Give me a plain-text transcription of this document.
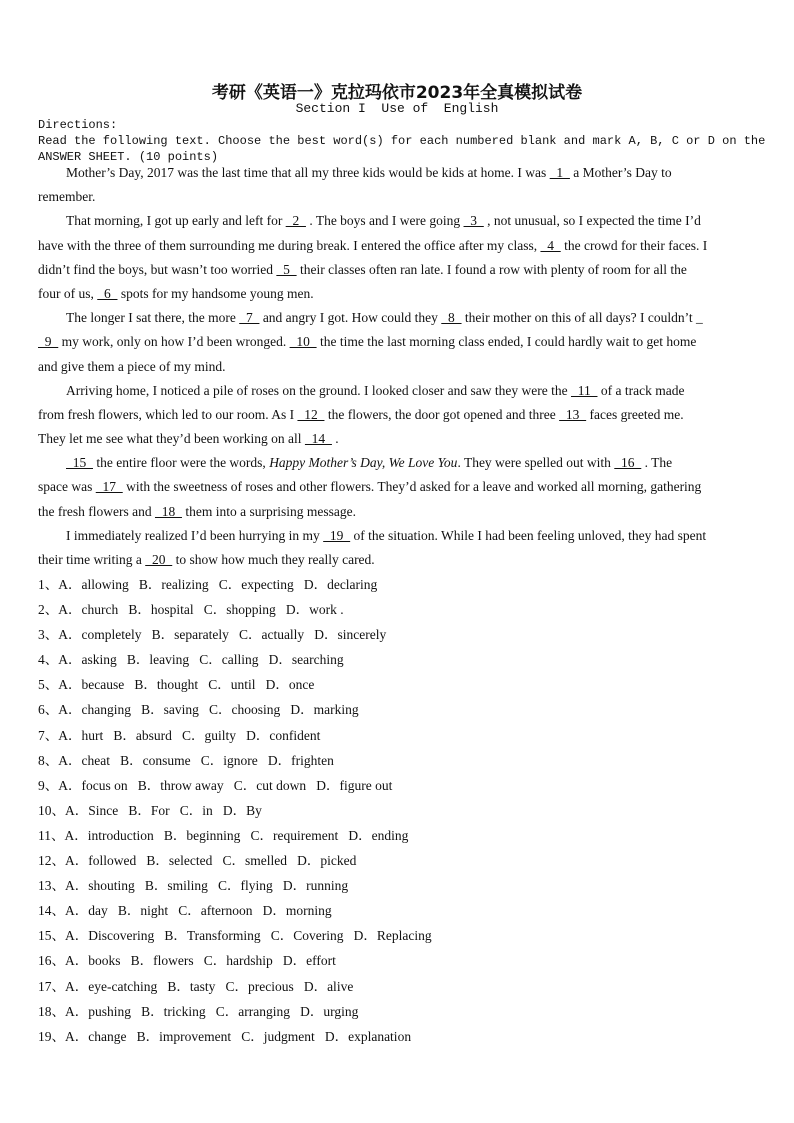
考研《英语一》克拉玛依市2023年全真模拟试卷
Section I  Use of  English
Directions:
Read the following text. Choose the best word(s) for each numbered blank and mark A, B, C or D on the
ANSWER SHEET. (10 points)
Mother’s Day, 2017 was the last time that all my three kids would be kids at home. I was   1   a Mother’s Day to
remember.
That morning, I got up early and left for   2   . The boys and I were going   3   , not unusual, so I expected the time I’d
have with the three of them surrounding me during break. I entered the office after my class,   4   the crowd for their faces. I
didn’t find the boys, but wasn’t too worried   5   their classes often ran late. I found a row with plenty of room for all the
four of us,   6   spots for my handsome young men.
The longer I sat there, the more   7   and angry I got. How could they   8   their mother on this of all days? I couldn’t _
9   my work, only on how I’d been wronged.   10   the time the last morning class ended, I could hardly wait to get home
and give them a piece of my mind.
Arriving home, I noticed a pile of roses on the ground. I looked closer and saw they were the   11   of a track made
from fresh flowers, which led to our room. As I   12   the flowers, the door got opened and three   13   faces greeted me.
They let me see what they’d been working on all   14   .
15   the entire floor were the words, Happy Mother’s Day, We Love You. They were spelled out with   16   . The
space was   17   with the sweetness of roses and other flowers. They’d asked for a leave and worked all morning, gathering
the fresh flowers and   18   them into a surprising message.
I immediately realized I’d been hurrying in my   19   of the situation. While I had been feeling unloved, they had spent
their time writing a   20   to show how much they really cared.
1、A．allowing   B．realizing   C．expecting   D．declaring
2、A．church   B．hospital   C．shopping   D．work .
3、A．completely   B．separately   C．actually   D．sincerely
4、A．asking   B．leaving   C．calling   D．searching
5、A．because   B．thought   C．until   D．once
6、A．changing   B．saving   C．choosing   D．marking
7、A．hurt   B．absurd   C．guilty   D．confident
8、A．cheat   B．consume   C．ignore   D．frighten
9、A．focus on   B．throw away   C．cut down   D．figure out
10、A．Since   B．For   C．in   D．By
11、A．introduction   B．beginning   C．requirement   D．ending
12、A．followed   B．selected   C．smelled   D．picked
13、A．shouting   B．smiling   C．flying   D．running
14、A．day   B．night   C．afternoon   D．morning
15、A．Discovering   B．Transforming   C．Covering   D．Replacing
16、A．books   B．flowers   C．hardship   D．effort
17、A．eye-catching   B．tasty   C．precious   D．alive
18、A．pushing   B．tricking   C．arranging   D．urging
19、A．change   B．improvement   C．judgment   D．explanation
